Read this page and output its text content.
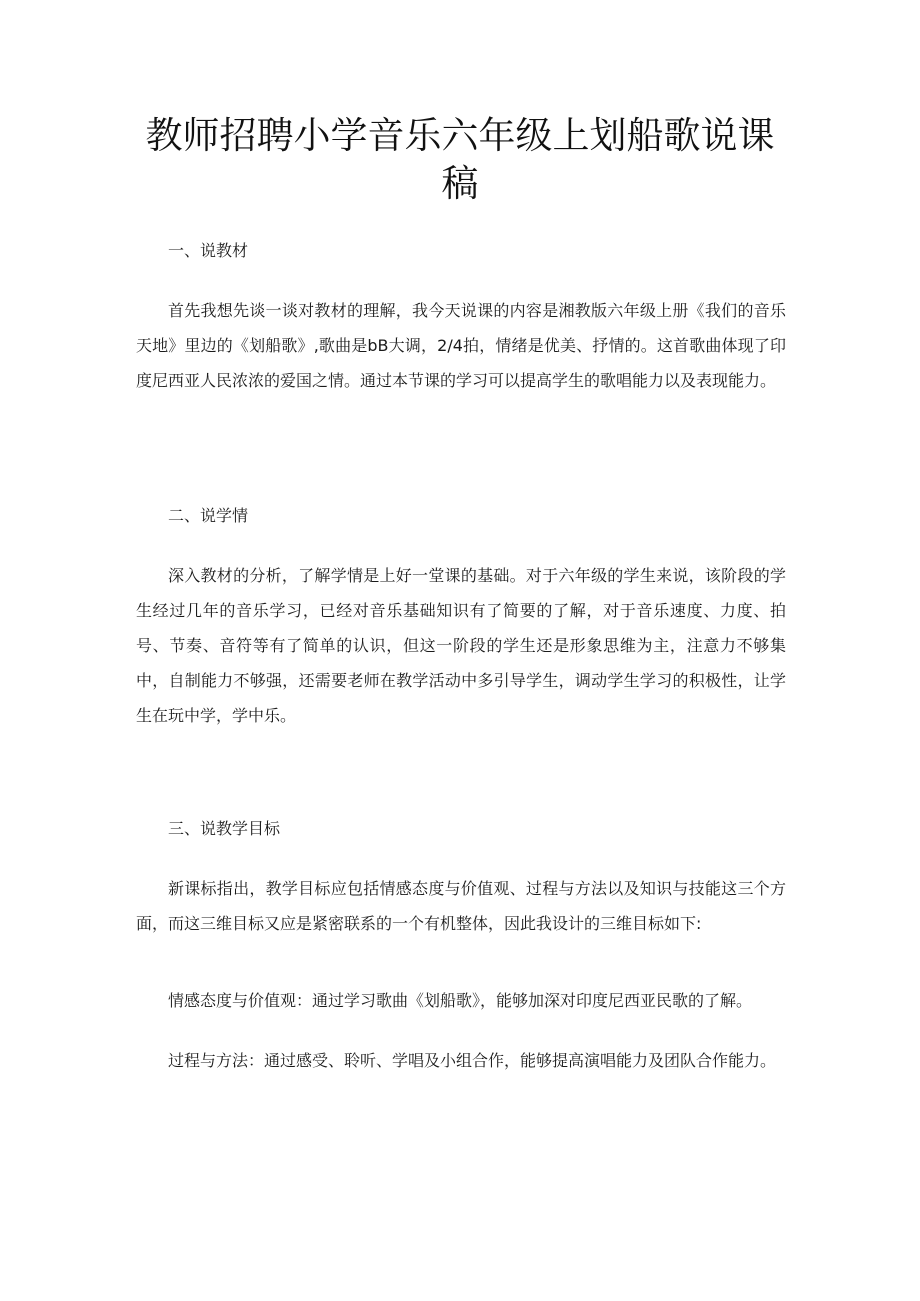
教师招聘小学音乐六年级上划船歌说课稿

一、说教材

首先我想先谈一谈对教材的理解，我今天说课的内容是湘教版六年级上册《我们的音乐天地》里边的《划船歌》,歌曲是bB大调，2/4拍，情绪是优美、抒情的。这首歌曲体现了印度尼西亚人民浓浓的爱国之情。通过本节课的学习可以提高学生的歌唱能力以及表现能力。

二、说学情

深入教材的分析，了解学情是上好一堂课的基础。对于六年级的学生来说，该阶段的学生经过几年的音乐学习，已经对音乐基础知识有了简要的了解，对于音乐速度、力度、拍号、节奏、音符等有了简单的认识，但这一阶段的学生还是形象思维为主，注意力不够集中，自制能力不够强，还需要老师在教学活动中多引导学生，调动学生学习的积极性，让学生在玩中学，学中乐。

三、说教学目标

新课标指出，教学目标应包括情感态度与价值观、过程与方法以及知识与技能这三个方面，而这三维目标又应是紧密联系的一个有机整体，因此我设计的三维目标如下:

情感态度与价值观：通过学习歌曲《划船歌》，能够加深对印度尼西亚民歌的了解。

过程与方法：通过感受、聆听、学唱及小组合作，能够提高演唱能力及团队合作能力。
